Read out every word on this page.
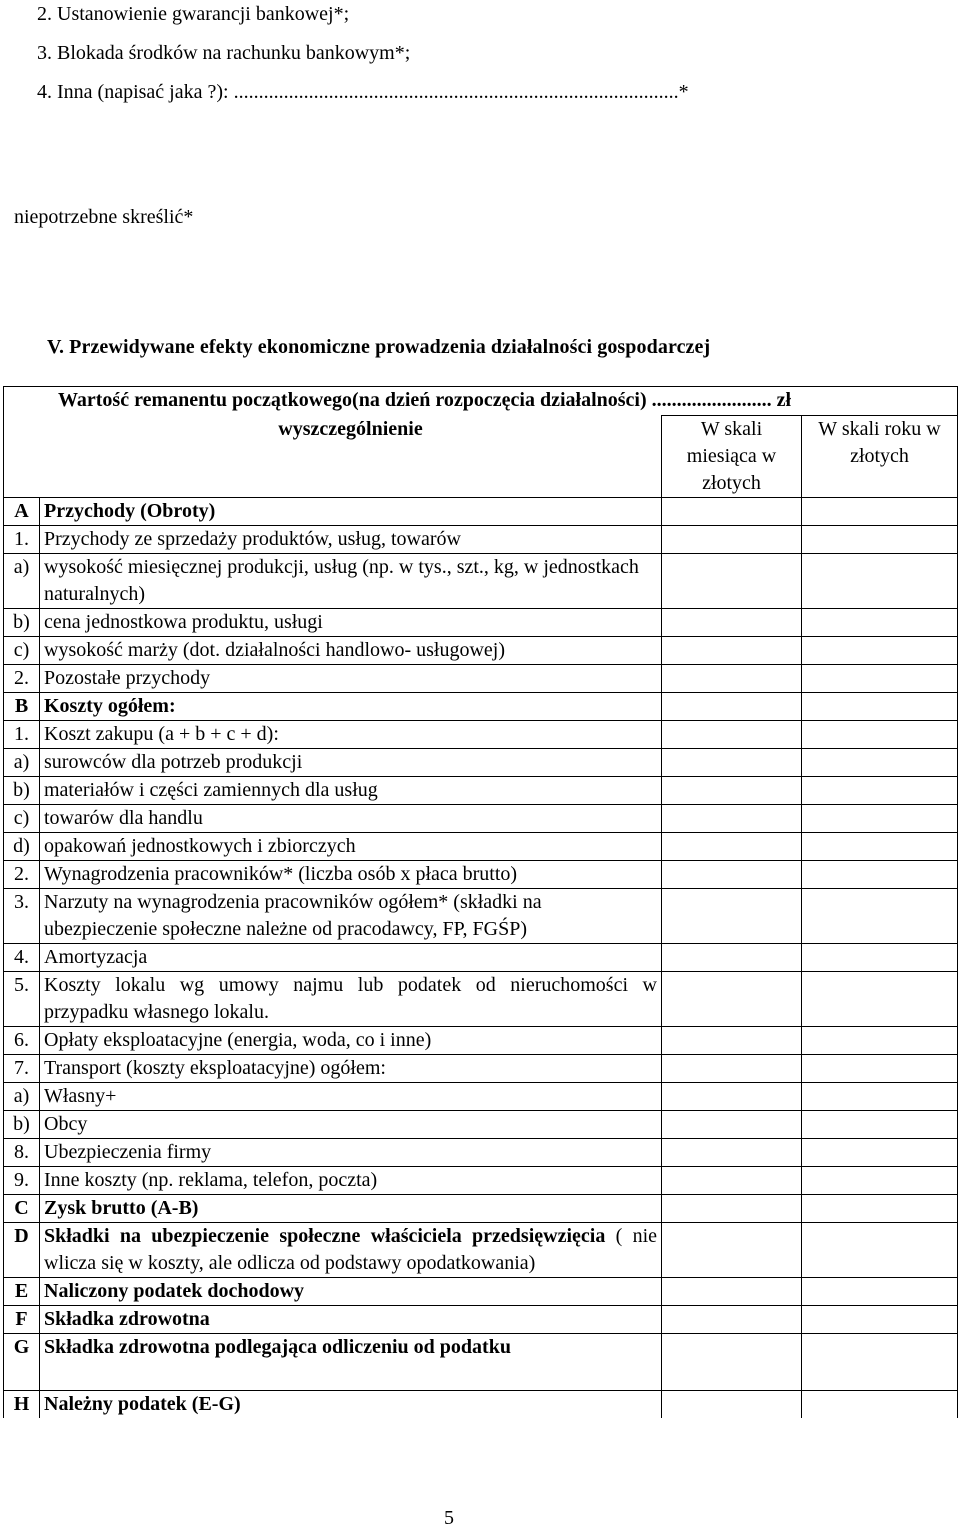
2. Ustanowienie gwarancji bankowej*;
3. Blokada środków na rachunku bankowym*;
4. Inna (napisać jaka ?): .........................................................................................*
niepotrzebne skreślić*
V. Przewidywane efekty ekonomiczne prowadzenia działalności gospodarczej
Wartość remanentu początkowego(na dzień rozpoczęcia działalności) ........................ zł			
wyszczególnienie		W skali miesiąca w złotych	W skali roku w złotych
A	Przychody (Obroty)		
1.	Przychody ze sprzedaży produktów, usług, towarów		
a)	wysokość miesięcznej produkcji, usług (np. w tys., szt., kg, w jednostkach naturalnych)		
b)	cena jednostkowa produktu, usługi		
c)	wysokość marży (dot. działalności handlowo- usługowej)		
2.	Pozostałe przychody		
B	Koszty ogółem:		
1.	Koszt zakupu (a + b + c + d):		
a)	surowców dla potrzeb produkcji		
b)	materiałów i części zamiennych dla usług		
c)	towarów dla handlu		
d)	opakowań jednostkowych i zbiorczych		
2.	Wynagrodzenia pracowników* (liczba osób x płaca brutto)		
3.	Narzuty na wynagrodzenia pracowników ogółem* (składki na ubezpieczenie społeczne należne od pracodawcy, FP, FGŚP)		
4.	Amortyzacja		
5.	Koszty lokalu wg umowy najmu lub podatek od nieruchomości w przypadku własnego lokalu.		
6.	Opłaty eksploatacyjne (energia, woda, co i inne)		
7.	Transport (koszty eksploatacyjne) ogółem:		
a)	Własny+		
b)	Obcy		
8.	Ubezpieczenia firmy		
9.	Inne koszty (np. reklama, telefon, poczta)		
C	Zysk brutto (A-B)		
D	Składki na ubezpieczenie społeczne właściciela przedsięwzięcia ( nie wlicza się w koszty, ale odlicza od podstawy opodatkowania)		
E	Naliczony podatek dochodowy		
F	Składka zdrowotna		
G	Składka zdrowotna podlegająca odliczeniu od podatku		
H	Należny podatek (E-G)		
5
